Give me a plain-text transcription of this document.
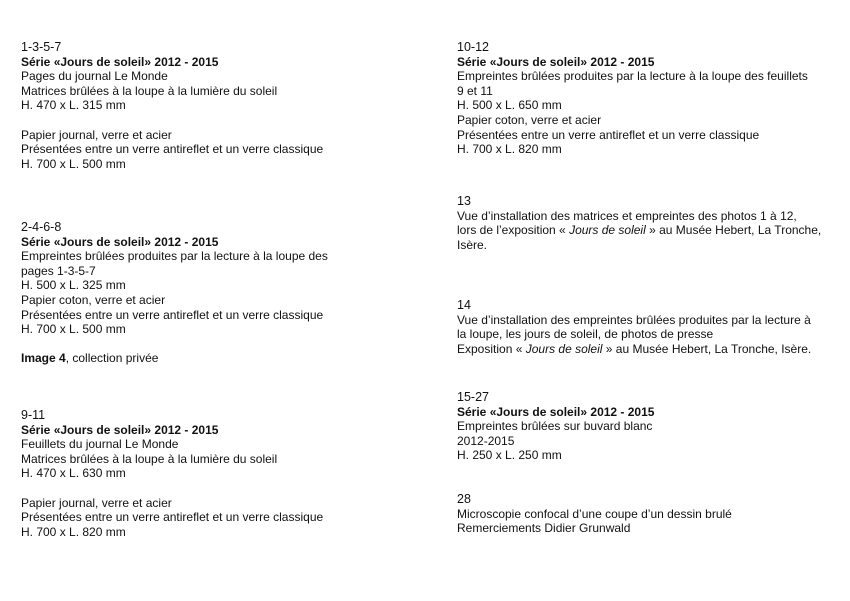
1-3-5-7
Série «Jours de soleil» 2012 - 2015
Pages du journal Le Monde
Matrices brûlées à la loupe à la lumière du soleil
H. 470 x L. 315 mm
Papier journal, verre et acier
Présentées entre un verre antireflet et un verre classique
H. 700 x L. 500 mm
2-4-6-8
Série «Jours de soleil» 2012 - 2015
Empreintes brûlées produites par la lecture à la loupe des
pages 1-3-5-7
H. 500 x L. 325 mm
Papier coton, verre et acier
Présentées entre un verre antireflet et un verre classique
H. 700 x L. 500 mm
Image 4, collection privée
9-11
Série «Jours de soleil» 2012 - 2015
Feuillets du journal Le Monde
Matrices brûlées à la loupe à la lumière du soleil
H. 470 x L. 630 mm
Papier journal, verre et acier
Présentées entre un verre antireflet et un verre classique
H. 700 x L. 820 mm
10-12
Série «Jours de soleil» 2012 - 2015
Empreintes brûlées produites par la lecture à la loupe des feuillets
9 et 11
H. 500 x L. 650 mm
Papier coton, verre et acier
Présentées entre un verre antireflet et un verre classique
H. 700 x L. 820 mm
13
Vue d’installation des matrices et empreintes des photos 1 à 12,
lors de l’exposition « Jours de soleil » au Musée Hebert, La Tronche,
Isère.
14
Vue d’installation des empreintes brûlées produites par la lecture à
la loupe, les jours de soleil, de photos de presse
Exposition « Jours de soleil » au Musée Hebert, La Tronche, Isère.
15-27
Série «Jours de soleil» 2012 - 2015
Empreintes brûlées sur buvard blanc
2012-2015
H. 250 x L. 250 mm
28
Microscopie confocal d’une coupe d’un dessin brulé
Remerciements Didier Grunwald
